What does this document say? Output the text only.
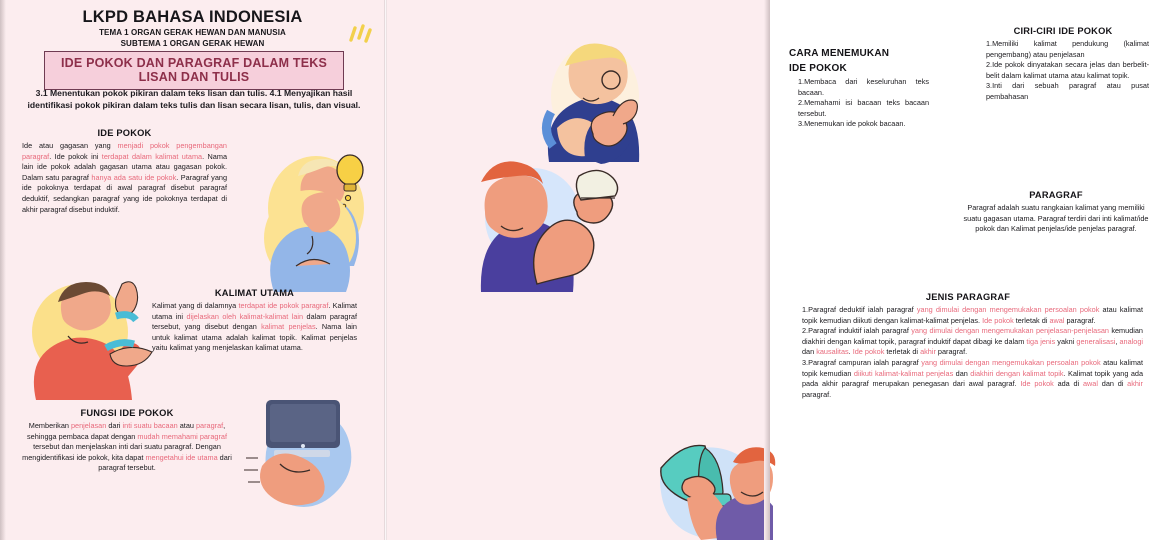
LKPD BAHASA INDONESIA
TEMA 1 ORGAN GERAK HEWAN DAN MANUSIA
SUBTEMA 1 ORGAN GERAK HEWAN
IDE POKOK DAN PARAGRAF DALAM TEKS
LISAN DAN TULIS
3.1 Menentukan pokok pikiran dalam teks lisan dan tulis. 4.1 Menyajikan hasil identifikasi pokok pikiran dalam teks tulis dan lisan secara lisan, tulis, dan visual.
IDE POKOK

Ide atau gagasan yang menjadi pokok pengembangan paragraf. Ide pokok ini terdapat dalam kalimat utama. Nama lain ide pokok adalah gagasan utama atau gagasan pokok. Dalam satu paragraf hanya ada satu ide pokok. Paragraf yang ide pokoknya terdapat di awal paragraf disebut paragraf deduktif, sedangkan paragraf yang ide pokoknya terdapat di akhir paragraf disebut induktif.

KALIMAT UTAMA

Kalimat yang di dalamnya terdapat ide pokok paragraf. Kalimat utama ini dijelaskan oleh kalimat-kalimat lain dalam paragraf tersebut, yang disebut dengan kalimat penjelas. Nama lain untuk kalimat utama adalah kalimat topik. Kalimat penjelas yaitu kalimat yang menjelaskan kalimat utama.

FUNGSI IDE POKOK

Memberikan penjelasan dari inti suatu bacaan atau paragraf, sehingga pembaca dapat dengan mudah memahami paragraf tersebut dan menjelaskan inti dari suatu paragraf. Dengan mengidentifikasi ide pokok, kita dapat mengetahui ide utama dari paragraf tersebut.

CARA MENEMUKAN
IDE POKOK
1.Membaca dari keseluruhan teks bacaan.
2.Memahami isi bacaan teks bacaan tersebut.
3.Menemukan ide pokok bacaan.
CIRI-CIRI IDE POKOK
1.Memiliki kalimat pendukung (kalimat pengembang) atau penjelasan
2.Ide pokok dinyatakan secara jelas dan berbelit-belit dalam kalimat utama atau kalimat topik.
3.Inti dari sebuah paragraf atau pusat pembahasan
PARAGRAF

Paragraf adalah suatu rangkaian kalimat yang memiliki suatu gagasan utama. Paragraf terdiri dari inti kalimat/ide pokok dan Kalimat penjelas/ide penjelas paragraf.

JENIS PARAGRAF
1.Paragraf deduktif ialah paragraf yang dimulai dengan mengemukakan persoalan pokok atau kalimat topik kemudian diikuti dengan kalimat-kalimat penjelas. Ide pokok terletak di awal paragraf.
2.Paragraf induktif ialah paragraf yang dimulai dengan mengemukakan penjelasan-penjelasan kemudian diakhiri dengan kalimat topik, paragraf induktif dapat dibagi ke dalam tiga jenis yakni generalisasi, analogi dan kausalitas. Ide pokok terletak di akhir paragraf.
3.Paragraf campuran ialah paragraf yang dimulai dengan mengemukakan persoalan pokok atau kalimat topik kemudian diikuti kalimat-kalimat penjelas dan diakhiri dengan kalimat topik. Kalimat topik yang ada pada akhir paragraf merupakan penegasan dari awal paragraf. Ide pokok ada di awal dan di akhir paragraf.
